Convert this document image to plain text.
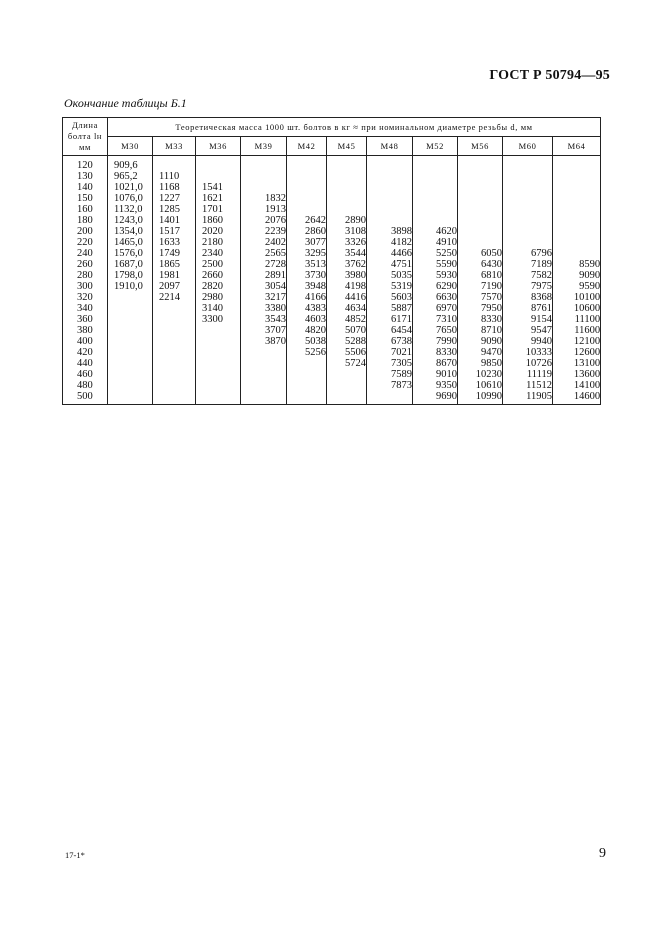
ГОСТ Р 50794—95
Окончание таблицы Б.1
Длина
болта lн
мм	Теоретическая масса 1000 шт. болтов в кг ≈ при номинальном диаметре резьбы d, мм										
	М30	М33	М36	М39	М42	М45	М48	М52	М56	М60	М64
120	909,6										
130	965,2	1110									
140	1021,0	1168	1541								
150	1076,0	1227	1621	1832							
160	1132,0	1285	1701	1913							
180	1243,0	1401	1860	2076	2642	2890					
200	1354,0	1517	2020	2239	2860	3108	3898	4620			
220	1465,0	1633	2180	2402	3077	3326	4182	4910			
240	1576,0	1749	2340	2565	3295	3544	4466	5250	6050	6796	
260	1687,0	1865	2500	2728	3513	3762	4751	5590	6430	7189	8590
280	1798,0	1981	2660	2891	3730	3980	5035	5930	6810	7582	9090
300	1910,0	2097	2820	3054	3948	4198	5319	6290	7190	7975	9590
320		2214	2980	3217	4166	4416	5603	6630	7570	8368	10100
340			3140	3380	4383	4634	5887	6970	7950	8761	10600
360			3300	3543	4603	4852	6171	7310	8330	9154	11100
380				3707	4820	5070	6454	7650	8710	9547	11600
400				3870	5038	5288	6738	7990	9090	9940	12100
420					5256	5506	7021	8330	9470	10333	12600
440						5724	7305	8670	9850	10726	13100
460							7589	9010	10230	11119	13600
480							7873	9350	10610	11512	14100
500								9690	10990	11905	14600
17-1*	9
